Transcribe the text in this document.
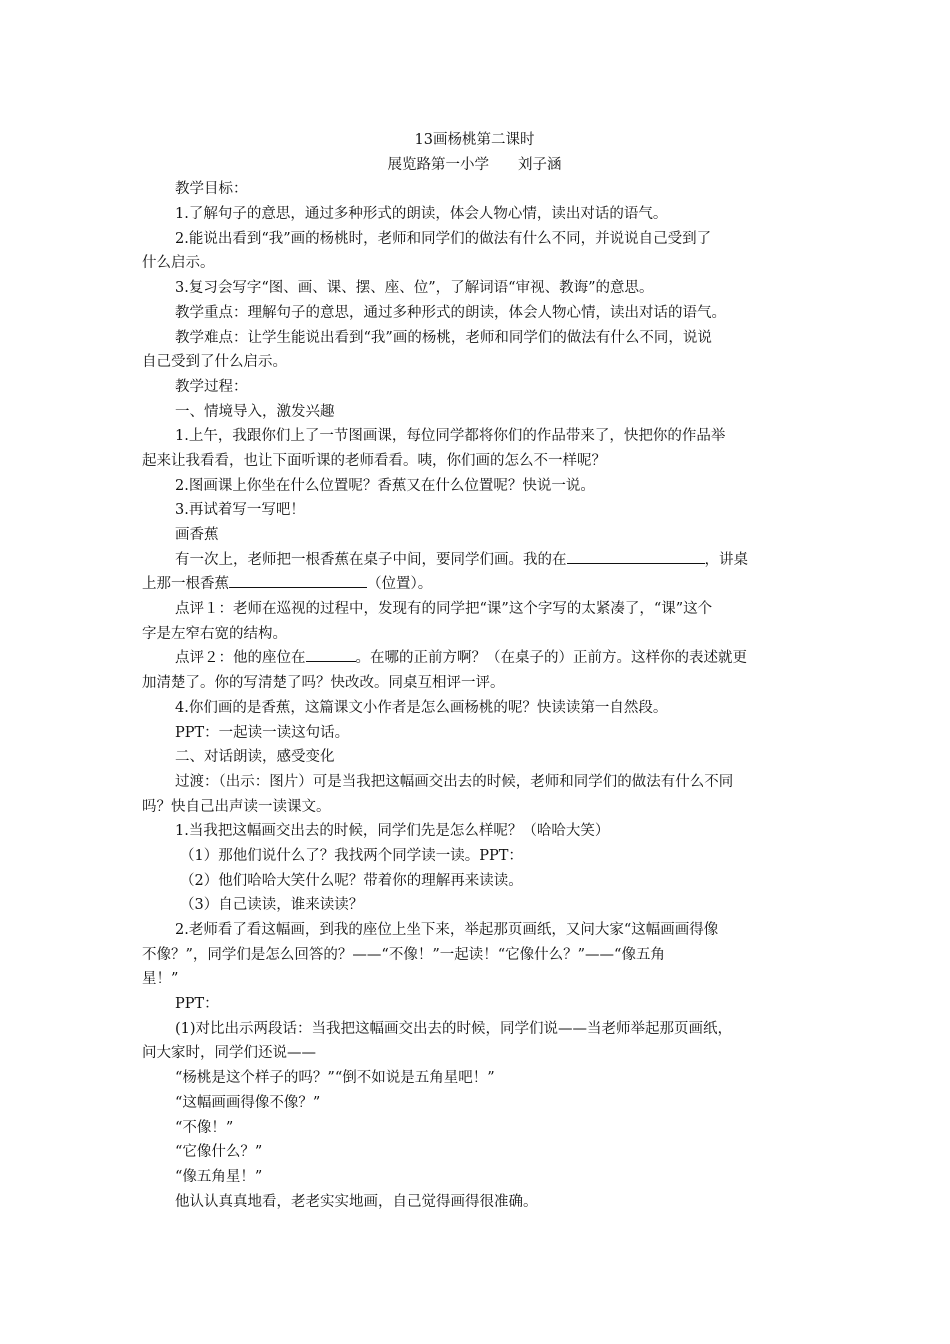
13画杨桃第二课时
展览路第一小学　　刘子涵
教学目标：
1.了解句子的意思，通过多种形式的朗读，体会人物心情，读出对话的语气。
2.能说出看到“我”画的杨桃时，老师和同学们的做法有什么不同，并说说自己受到了
什么启示。
3.复习会写字“图、画、课、摆、座、位”，了解词语“审视、教诲”的意思。
教学重点：理解句子的意思，通过多种形式的朗读，体会人物心情，读出对话的语气。
教学难点：让学生能说出看到“我”画的杨桃，老师和同学们的做法有什么不同，说说
自己受到了什么启示。
教学过程：
一、情境导入，激发兴趣
1.上午，我跟你们上了一节图画课，每位同学都将你们的作品带来了，快把你的作品举
起来让我看看，也让下面听课的老师看看。咦，你们画的怎么不一样呢？
2.图画课上你坐在什么位置呢？香蕉又在什么位置呢？快说一说。
3.再试着写一写吧！
画香蕉
有一次上，老师把一根香蕉在桌子中间，要同学们画。我的在	，讲桌
上那一根香蕉	（位置）。
点评１：老师在巡视的过程中，发现有的同学把“课”这个字写的太紧凑了，“课”这个
字是左窄右宽的结构。
点评２：他的座位在	。在哪的正前方啊？（在桌子的）正前方。这样你的表述就更
加清楚了。你的写清楚了吗？快改改。同桌互相评一评。
4.你们画的是香蕉，这篇课文小作者是怎么画杨桃的呢？快读读第一自然段。
PPT：一起读一读这句话。
二、对话朗读，感受变化
过渡：（出示：图片）可是当我把这幅画交出去的时候，老师和同学们的做法有什么不同
吗？快自己出声读一读课文。
1.当我把这幅画交出去的时候，同学们先是怎么样呢？（哈哈大笑）
（1）那他们说什么了？我找两个同学读一读。PPT：
（2）他们哈哈大笑什么呢？带着你的理解再来读读。
（3）自己读读，谁来读读？
2.老师看了看这幅画，到我的座位上坐下来，举起那页画纸，又问大家“这幅画画得像
不像？”，同学们是怎么回答的？——“不像！”一起读！“它像什么？”——“像五角
星！”
PPT：
(1)对比出示两段话：当我把这幅画交出去的时候，同学们说——当老师举起那页画纸，
问大家时，同学们还说——
“杨桃是这个样子的吗？”“倒不如说是五角星吧！”
“这幅画画得像不像？”
“不像！”
“它像什么？”
“像五角星！”
他认认真真地看，老老实实地画，自己觉得画得很准确。
